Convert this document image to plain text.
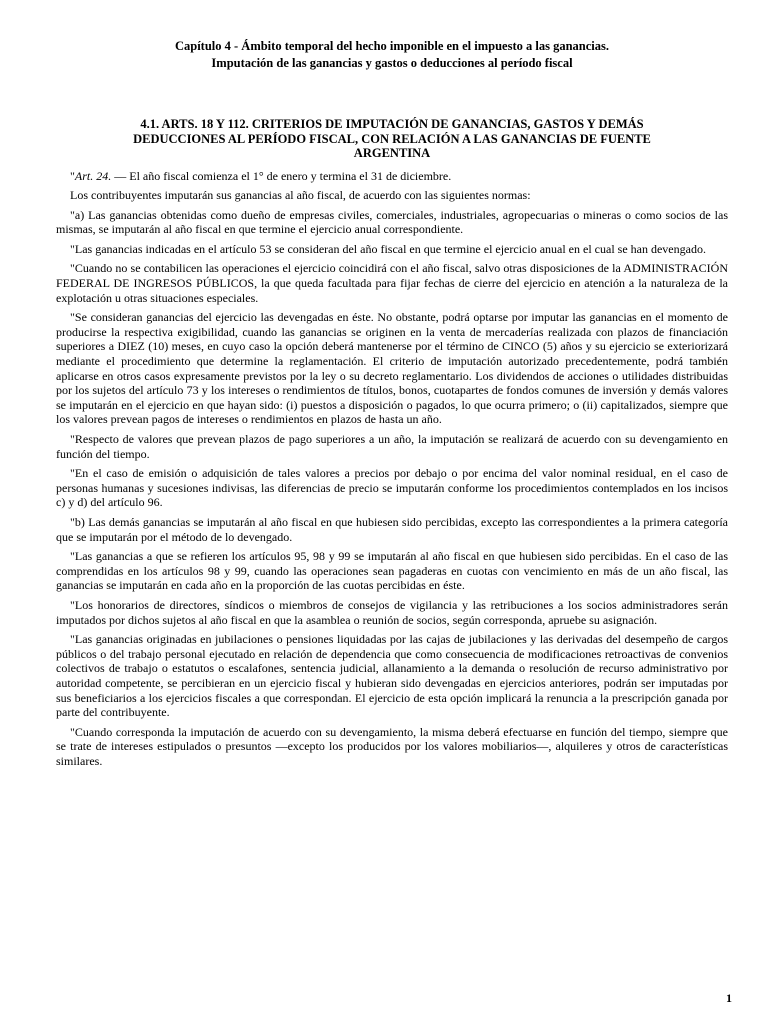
Capítulo 4 - Ámbito temporal del hecho imponible en el impuesto a las ganancias.
Imputación de las ganancias y gastos o deducciones al período fiscal
4.1. ARTS. 18 Y 112. CRITERIOS DE IMPUTACIÓN DE GANANCIAS, GASTOS Y DEMÁS
DEDUCCIONES AL PERÍODO FISCAL, CON RELACIÓN A LAS GANANCIAS DE FUENTE
ARGENTINA

"Art. 24. — El año fiscal comienza el 1° de enero y termina el 31 de diciembre.

Los contribuyentes imputarán sus ganancias al año fiscal, de acuerdo con las siguientes normas:

"a) Las ganancias obtenidas como dueño de empresas civiles, comerciales, industriales, agropecuarias o mineras o como socios de las mismas, se imputarán al año fiscal en que termine el ejercicio anual correspondiente.

"Las ganancias indicadas en el artículo 53 se consideran del año fiscal en que termine el ejercicio anual en el cual se han devengado.

"Cuando no se contabilicen las operaciones el ejercicio coincidirá con el año fiscal, salvo otras disposiciones de la ADMINISTRACIÓN FEDERAL DE INGRESOS PÚBLICOS, la que queda facultada para fijar fechas de cierre del ejercicio en atención a la naturaleza de la explotación u otras situaciones especiales.

"Se consideran ganancias del ejercicio las devengadas en éste. No obstante, podrá optarse por imputar las ganancias en el momento de producirse la respectiva exigibilidad, cuando las ganancias se originen en la venta de mercaderías realizada con plazos de financiación superiores a DIEZ (10) meses, en cuyo caso la opción deberá mantenerse por el término de CINCO (5) años y su ejercicio se exteriorizará mediante el procedimiento que determine la reglamentación. El criterio de imputación autorizado precedentemente, podrá también aplicarse en otros casos expresamente previstos por la ley o su decreto reglamentario. Los dividendos de acciones o utilidades distribuidas por los sujetos del artículo 73 y los intereses o rendimientos de títulos, bonos, cuotapartes de fondos comunes de inversión y demás valores se imputarán en el ejercicio en que hayan sido: (i) puestos a disposición o pagados, lo que ocurra primero; o (ii) capitalizados, siempre que los valores prevean pagos de intereses o rendimientos en plazos de hasta un año.

"Respecto de valores que prevean plazos de pago superiores a un año, la imputación se realizará de acuerdo con su devengamiento en función del tiempo.

"En el caso de emisión o adquisición de tales valores a precios por debajo o por encima del valor nominal residual, en el caso de personas humanas y sucesiones indivisas, las diferencias de precio se imputarán conforme los procedimientos contemplados en los incisos c) y d) del artículo 96.

"b) Las demás ganancias se imputarán al año fiscal en que hubiesen sido percibidas, excepto las correspondientes a la primera categoría que se imputarán por el método de lo devengado.

"Las ganancias a que se refieren los artículos 95, 98 y 99 se imputarán al año fiscal en que hubiesen sido percibidas. En el caso de las comprendidas en los artículos 98 y 99, cuando las operaciones sean pagaderas en cuotas con vencimiento en más de un año fiscal, las ganancias se imputarán en cada año en la proporción de las cuotas percibidas en éste.

"Los honorarios de directores, síndicos o miembros de consejos de vigilancia y las retribuciones a los socios administradores serán imputados por dichos sujetos al año fiscal en que la asamblea o reunión de socios, según corresponda, apruebe su asignación.

"Las ganancias originadas en jubilaciones o pensiones liquidadas por las cajas de jubilaciones y las derivadas del desempeño de cargos públicos o del trabajo personal ejecutado en relación de dependencia que como consecuencia de modificaciones retroactivas de convenios colectivos de trabajo o estatutos o escalafones, sentencia judicial, allanamiento a la demanda o resolución de recurso administrativo por autoridad competente, se percibieran en un ejercicio fiscal y hubieran sido devengadas en ejercicios anteriores, podrán ser imputadas por sus beneficiarios a los ejercicios fiscales a que correspondan. El ejercicio de esta opción implicará la renuncia a la prescripción ganada por parte del contribuyente.

"Cuando corresponda la imputación de acuerdo con su devengamiento, la misma deberá efectuarse en función del tiempo, siempre que se trate de intereses estipulados o presuntos —excepto los producidos por los valores mobiliarios—, alquileres y otros de características similares.

1
